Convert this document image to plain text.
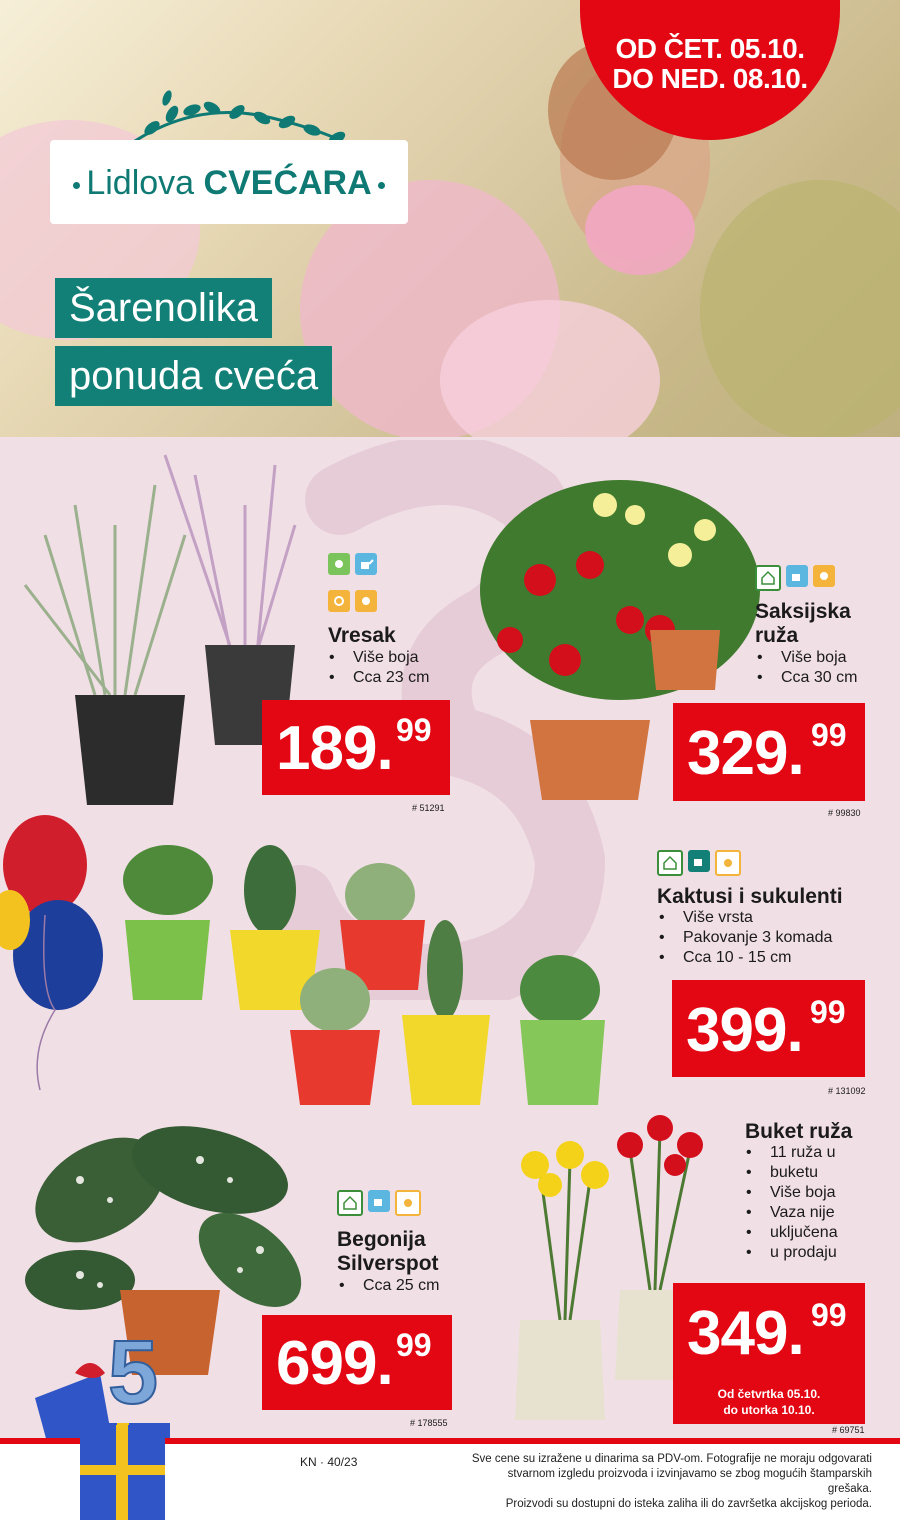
OD ČET. 05.10.
DO NED. 08.10.
Lidlova CVEĆARA
Šarenolika
ponuda cveća
Vresak
• Više boja
• Cca 23 cm
189. 99
# 51291
Saksijska
ruža
• Više boja
• Cca 30 cm
329. 99
# 99830
Kaktusi i sukulenti
• Više vrsta
• Pakovanje 3 komada
• Cca 10 - 15 cm
399. 99
# 131092
5
Begonija
Silverspot
• Cca 25 cm
699. 99
# 178555
Buket ruža
• 11 ruža u
• buketu
• Više boja
• Vaza nije
• uključena
• u prodaju
349. 99
Od četvrtka 05.10.
do utorka 10.10.
# 69751
KN · 40/23	Sve cene su izražene u dinarima sa PDV-om. Fotografije ne moraju odgovarati
stvarnom izgledu proizvoda i izvinjavamo se zbog mogućih štamparskih grešaka.
Proizvodi su dostupni do isteka zaliha ili do završetka akcijskog perioda.
